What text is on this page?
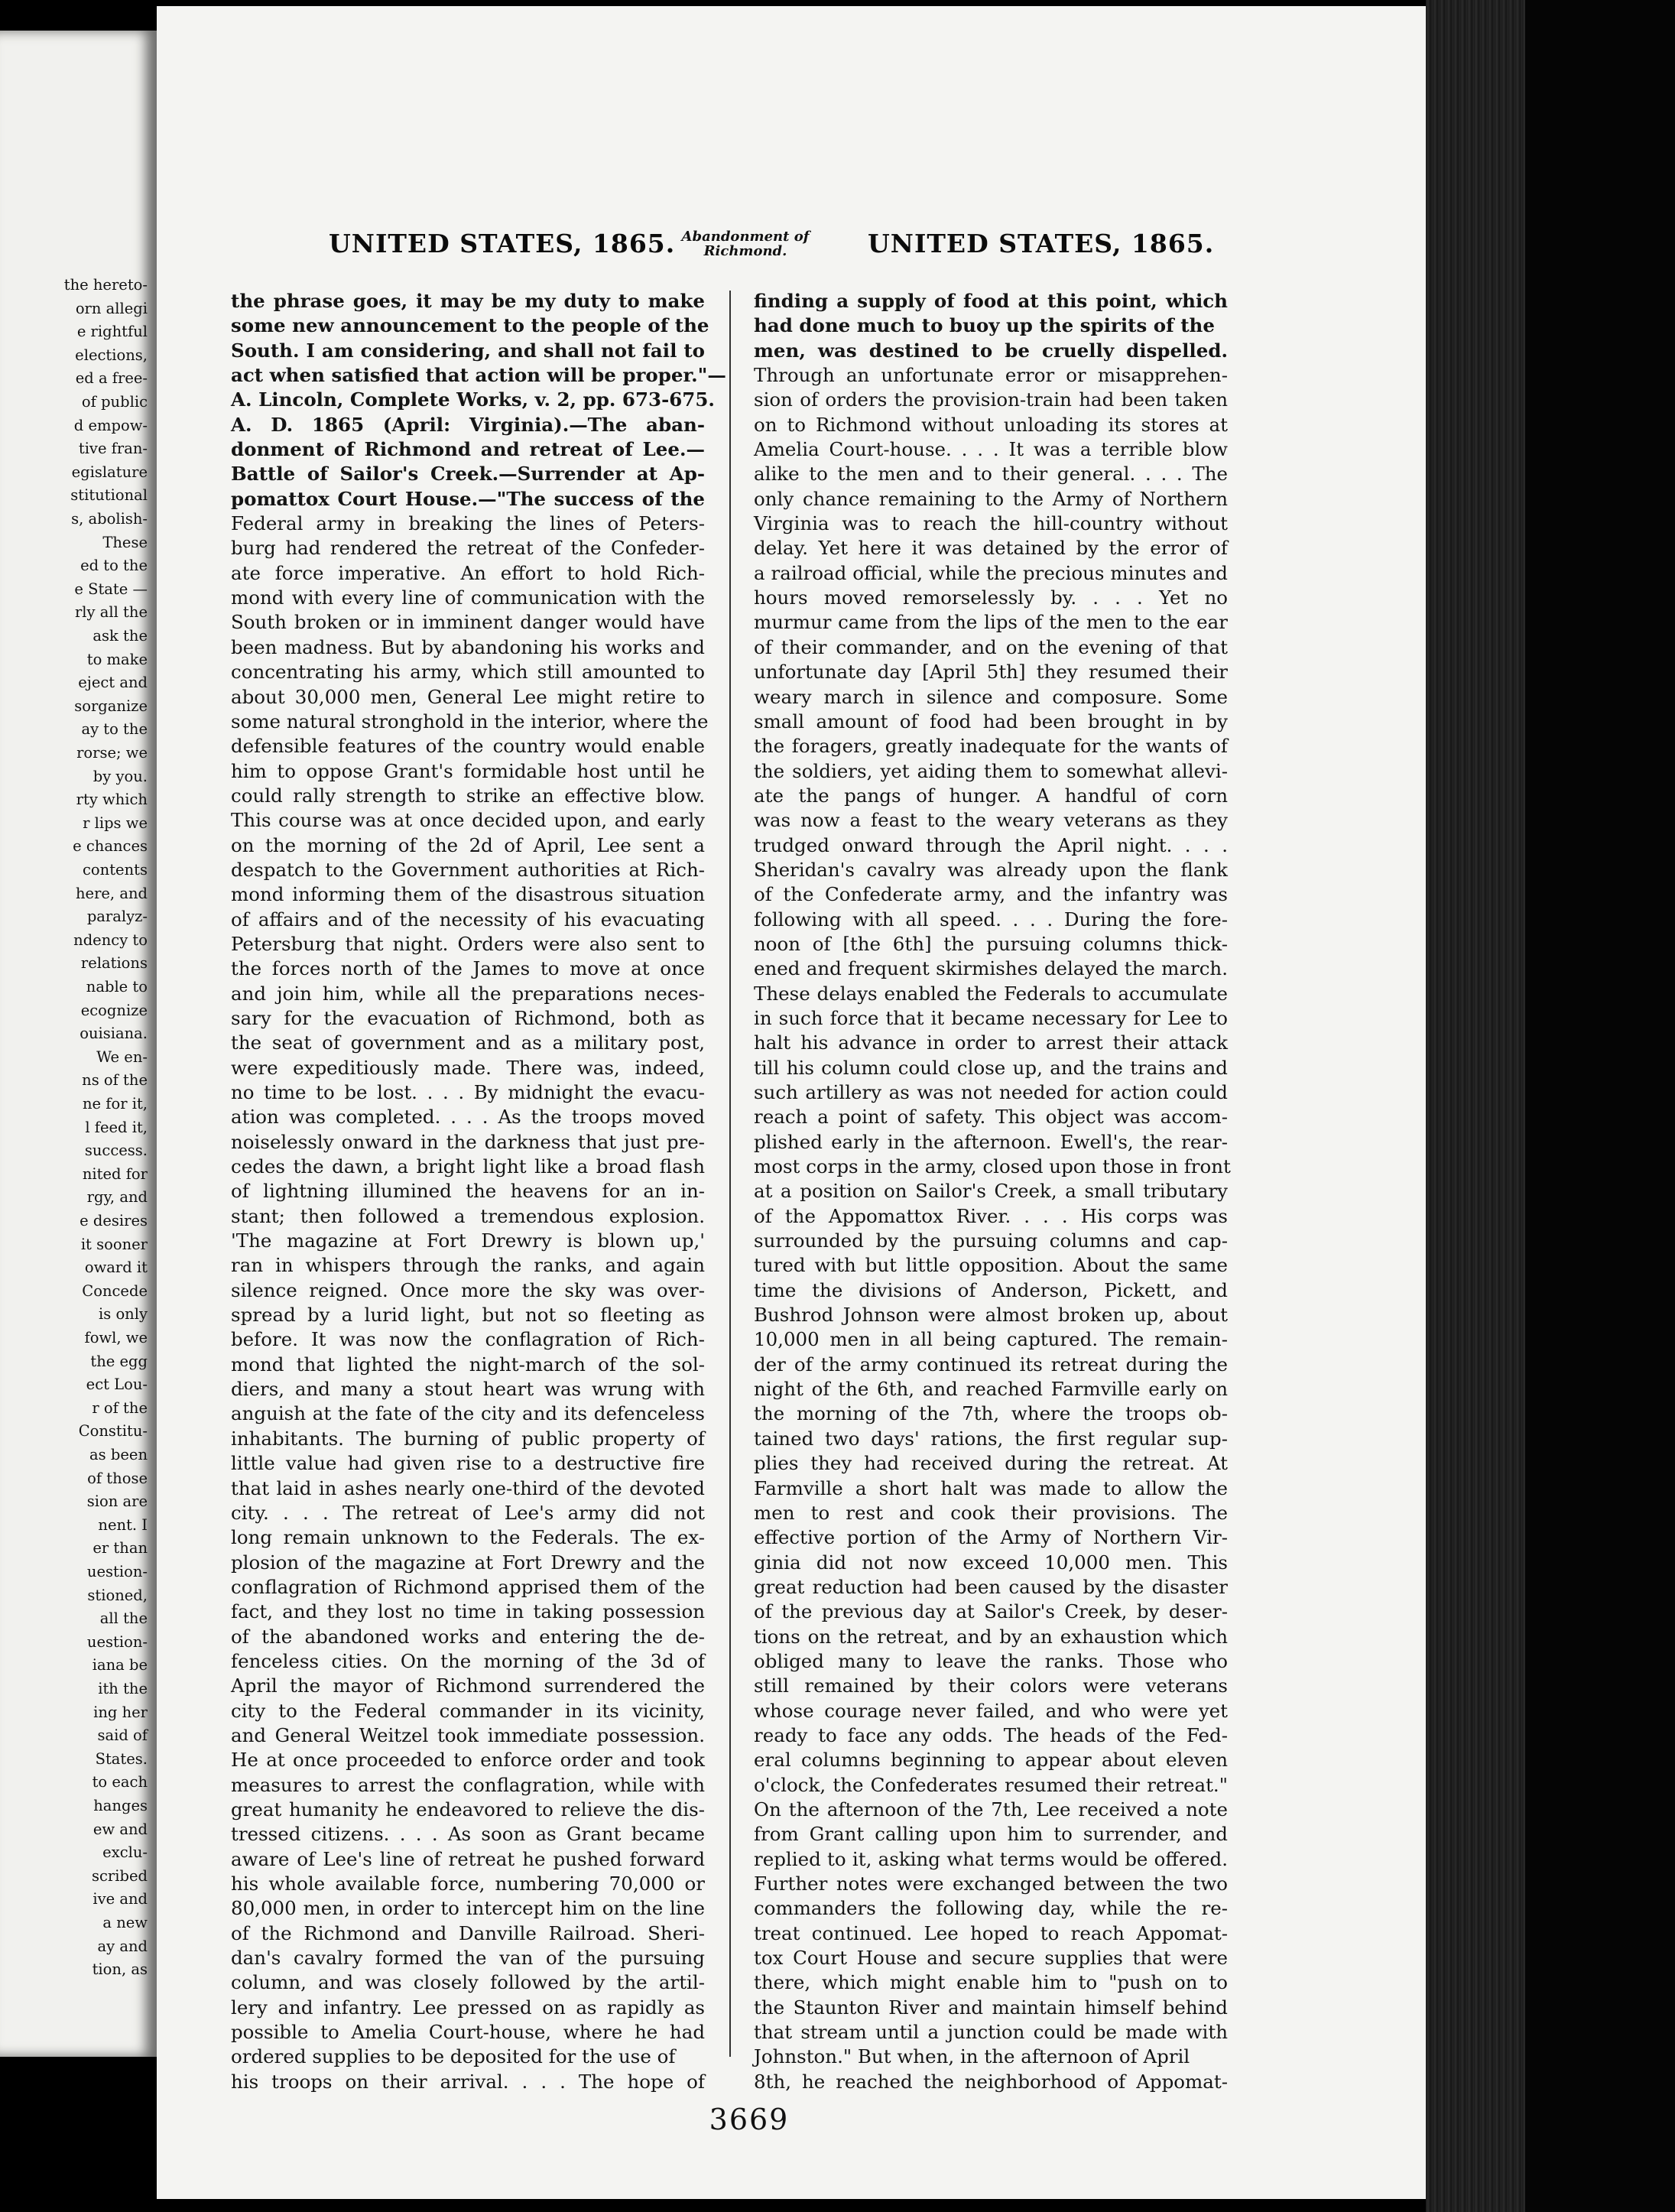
the hereto-
orn allegi
e rightful
elections,
ed a free-
of public
d empow-
tive fran-
egislature
stitutional
s, abolish-
These
ed to the
e State —
rly all the
ask the
to make
eject and
sorganize
ay to the
rorse; we
by you.
rty which
r lips we
e chances
contents
here, and
paralyz-
ndency to
relations
nable to
ecognize
ouisiana.
We en-
ns of the
ne for it,
l feed it,
success.
nited for
rgy, and
e desires
it sooner
oward it
Concede
is only
fowl, we
the egg
ect Lou-
r of the
Constitu-
as been
of those
sion are
nent. I
er than
uestion-
stioned,
all the
uestion-
iana be
ith the
ing her
said of
States.
to each
hanges
ew and
exclu-
scribed
ive and
a new
ay and
tion, as
UNITED STATES, 1865. Abandonment of
Richmond.	UNITED STATES, 1865.
the phrase goes, it may be my duty to make
some new announcement to the people of the
South. I am considering, and shall not fail to
act when satisfied that action will be proper."—
A. Lincoln, Complete Works, v. 2, pp. 673-675.
A. D. 1865 (April: Virginia).—The aban-
donment of Richmond and retreat of Lee.—
Battle of Sailor's Creek.—Surrender at Ap-
pomattox Court House.—"The success of the
Federal army in breaking the lines of Peters-
burg had rendered the retreat of the Confeder-
ate force imperative. An effort to hold Rich-
mond with every line of communication with the
South broken or in imminent danger would have
been madness. But by abandoning his works and
concentrating his army, which still amounted to
about 30,000 men, General Lee might retire to
some natural stronghold in the interior, where the
defensible features of the country would enable
him to oppose Grant's formidable host until he
could rally strength to strike an effective blow.
This course was at once decided upon, and early
on the morning of the 2d of April, Lee sent a
despatch to the Government authorities at Rich-
mond informing them of the disastrous situation
of affairs and of the necessity of his evacuating
Petersburg that night. Orders were also sent to
the forces north of the James to move at once
and join him, while all the preparations neces-
sary for the evacuation of Richmond, both as
the seat of government and as a military post,
were expeditiously made. There was, indeed,
no time to be lost. . . . By midnight the evacu-
ation was completed. . . . As the troops moved
noiselessly onward in the darkness that just pre-
cedes the dawn, a bright light like a broad flash
of lightning illumined the heavens for an in-
stant; then followed a tremendous explosion.
'The magazine at Fort Drewry is blown up,'
ran in whispers through the ranks, and again
silence reigned. Once more the sky was over-
spread by a lurid light, but not so fleeting as
before. It was now the conflagration of Rich-
mond that lighted the night-march of the sol-
diers, and many a stout heart was wrung with
anguish at the fate of the city and its defenceless
inhabitants. The burning of public property of
little value had given rise to a destructive fire
that laid in ashes nearly one-third of the devoted
city. . . . The retreat of Lee's army did not
long remain unknown to the Federals. The ex-
plosion of the magazine at Fort Drewry and the
conflagration of Richmond apprised them of the
fact, and they lost no time in taking possession
of the abandoned works and entering the de-
fenceless cities. On the morning of the 3d of
April the mayor of Richmond surrendered the
city to the Federal commander in its vicinity,
and General Weitzel took immediate possession.
He at once proceeded to enforce order and took
measures to arrest the conflagration, while with
great humanity he endeavored to relieve the dis-
tressed citizens. . . . As soon as Grant became
aware of Lee's line of retreat he pushed forward
his whole available force, numbering 70,000 or
80,000 men, in order to intercept him on the line
of the Richmond and Danville Railroad. Sheri-
dan's cavalry formed the van of the pursuing
column, and was closely followed by the artil-
lery and infantry. Lee pressed on as rapidly as
possible to Amelia Court-house, where he had
ordered supplies to be deposited for the use of
his troops on their arrival. . . . The hope of
finding a supply of food at this point, which
had done much to buoy up the spirits of the
men, was destined to be cruelly dispelled.
Through an unfortunate error or misapprehen-
sion of orders the provision-train had been taken
on to Richmond without unloading its stores at
Amelia Court-house. . . . It was a terrible blow
alike to the men and to their general. . . . The
only chance remaining to the Army of Northern
Virginia was to reach the hill-country without
delay. Yet here it was detained by the error of
a railroad official, while the precious minutes and
hours moved remorselessly by. . . . Yet no
murmur came from the lips of the men to the ear
of their commander, and on the evening of that
unfortunate day [April 5th] they resumed their
weary march in silence and composure. Some
small amount of food had been brought in by
the foragers, greatly inadequate for the wants of
the soldiers, yet aiding them to somewhat allevi-
ate the pangs of hunger. A handful of corn
was now a feast to the weary veterans as they
trudged onward through the April night. . . .
Sheridan's cavalry was already upon the flank
of the Confederate army, and the infantry was
following with all speed. . . . During the fore-
noon of [the 6th] the pursuing columns thick-
ened and frequent skirmishes delayed the march.
These delays enabled the Federals to accumulate
in such force that it became necessary for Lee to
halt his advance in order to arrest their attack
till his column could close up, and the trains and
such artillery as was not needed for action could
reach a point of safety. This object was accom-
plished early in the afternoon. Ewell's, the rear-
most corps in the army, closed upon those in front
at a position on Sailor's Creek, a small tributary
of the Appomattox River. . . . His corps was
surrounded by the pursuing columns and cap-
tured with but little opposition. About the same
time the divisions of Anderson, Pickett, and
Bushrod Johnson were almost broken up, about
10,000 men in all being captured. The remain-
der of the army continued its retreat during the
night of the 6th, and reached Farmville early on
the morning of the 7th, where the troops ob-
tained two days' rations, the first regular sup-
plies they had received during the retreat. At
Farmville a short halt was made to allow the
men to rest and cook their provisions. The
effective portion of the Army of Northern Vir-
ginia did not now exceed 10,000 men. This
great reduction had been caused by the disaster
of the previous day at Sailor's Creek, by deser-
tions on the retreat, and by an exhaustion which
obliged many to leave the ranks. Those who
still remained by their colors were veterans
whose courage never failed, and who were yet
ready to face any odds. The heads of the Fed-
eral columns beginning to appear about eleven
o'clock, the Confederates resumed their retreat."
On the afternoon of the 7th, Lee received a note
from Grant calling upon him to surrender, and
replied to it, asking what terms would be offered.
Further notes were exchanged between the two
commanders the following day, while the re-
treat continued. Lee hoped to reach Appomat-
tox Court House and secure supplies that were
there, which might enable him to "push on to
the Staunton River and maintain himself behind
that stream until a junction could be made with
Johnston." But when, in the afternoon of April
8th, he reached the neighborhood of Appomat-
3669
